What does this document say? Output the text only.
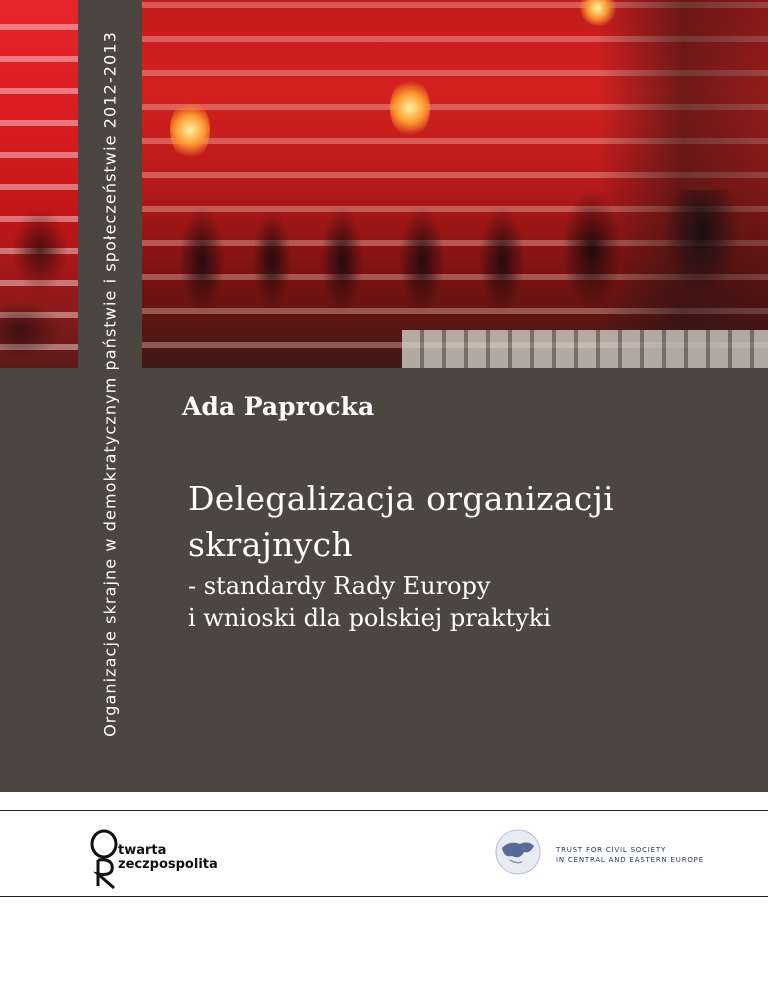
Organizacje skrajne w demokratycznym państwie i społeczeństwie 2012-2013	Ada Paprocka
Delegalizacja organizacji
skrajnych
- standardy Rady Europy
i wnioski dla polskiej praktyki
twarta
zeczpospolita
TRUST FOR CIVIL SOCIETY
IN CENTRAL AND EASTERN EUROPE
